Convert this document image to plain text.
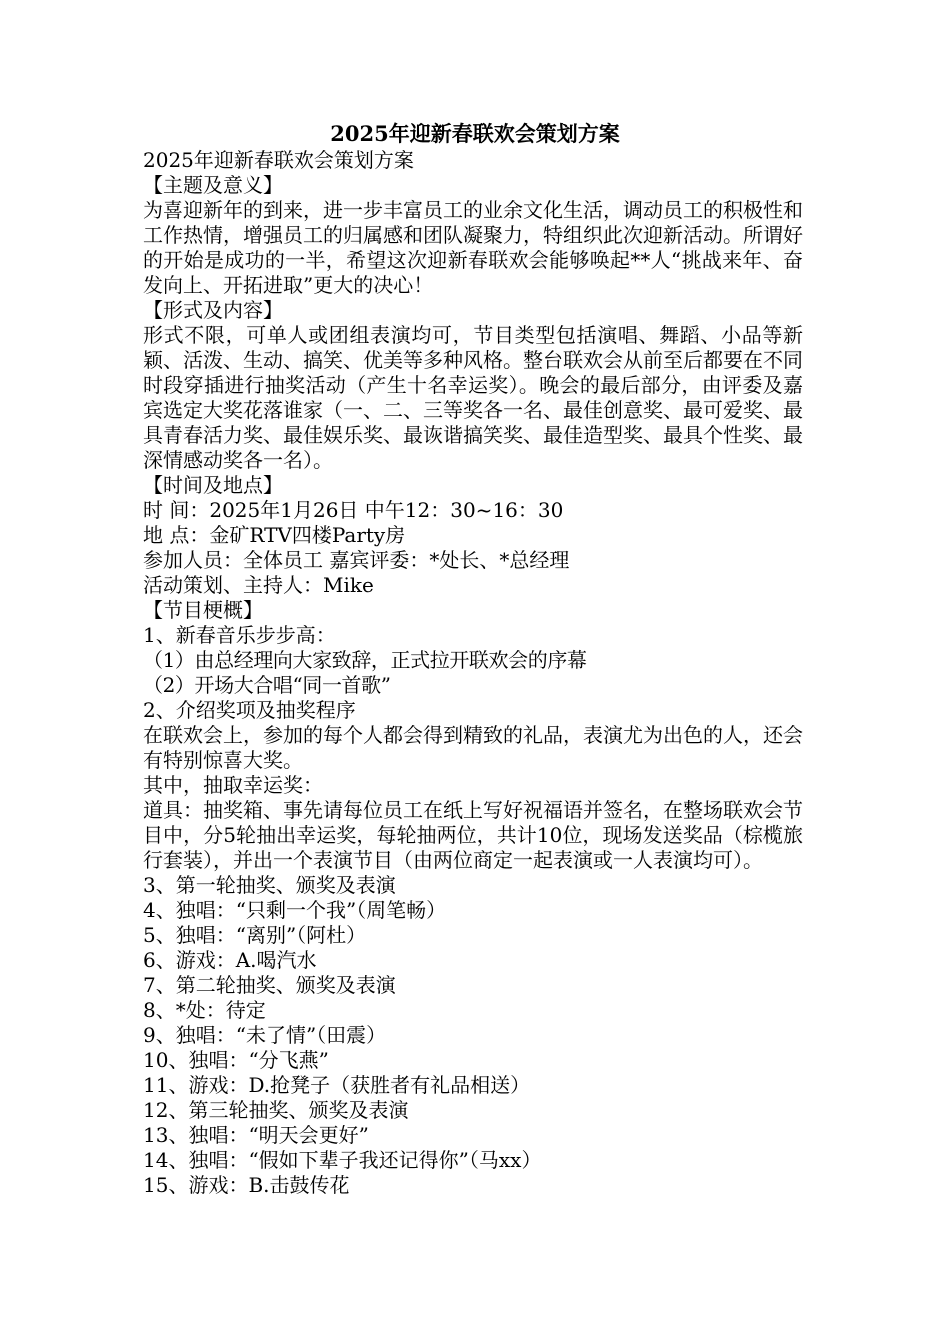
2025年迎新春联欢会策划方案
2025年迎新春联欢会策划方案
【主题及意义】
为喜迎新年的到来，进一步丰富员工的业余文化生活，调动员工的积极性和工作热情，增强员工的归属感和团队凝聚力，特组织此次迎新活动。所谓好的开始是成功的一半，希望这次迎新春联欢会能够唤起**人“挑战来年、奋发向上、开拓进取”更大的决心！
【形式及内容】
形式不限，可单人或团组表演均可，节目类型包括演唱、舞蹈、小品等新颖、活泼、生动、搞笑、优美等多种风格。整台联欢会从前至后都要在不同时段穿插进行抽奖活动（产生十名幸运奖）。晚会的最后部分，由评委及嘉宾选定大奖花落谁家（一、二、三等奖各一名、最佳创意奖、最可爱奖、最具青春活力奖、最佳娱乐奖、最诙谐搞笑奖、最佳造型奖、最具个性奖、最深情感动奖各一名）。
【时间及地点】
时 间：2025年1月26日 中午12：30~16：30
地 点：金矿RTV四楼Party房
参加人员：全体员工 嘉宾评委：*处长、*总经理
活动策划、主持人：Mike
【节目梗概】
1、新春音乐步步高：
（1）由总经理向大家致辞，正式拉开联欢会的序幕
（2）开场大合唱“同一首歌”
2、介绍奖项及抽奖程序
在联欢会上，参加的每个人都会得到精致的礼品，表演尤为出色的人，还会有特别惊喜大奖。
其中，抽取幸运奖：
道具：抽奖箱、事先请每位员工在纸上写好祝福语并签名，在整场联欢会节目中，分5轮抽出幸运奖，每轮抽两位，共计10位，现场发送奖品（棕榄旅行套装），并出一个表演节目（由两位商定一起表演或一人表演均可）。
3、第一轮抽奖、颁奖及表演
4、独唱：“只剩一个我”（周笔畅）
5、独唱：“离别”（阿杜）
6、游戏：A.喝汽水
7、第二轮抽奖、颁奖及表演
8、*处：待定
9、独唱：“未了情”（田震）
10、独唱：“分飞燕”
11、游戏：D.抢凳子（获胜者有礼品相送）
12、第三轮抽奖、颁奖及表演
13、独唱：“明天会更好”
14、独唱：“假如下辈子我还记得你”（马xx）
15、游戏：B.击鼓传花
